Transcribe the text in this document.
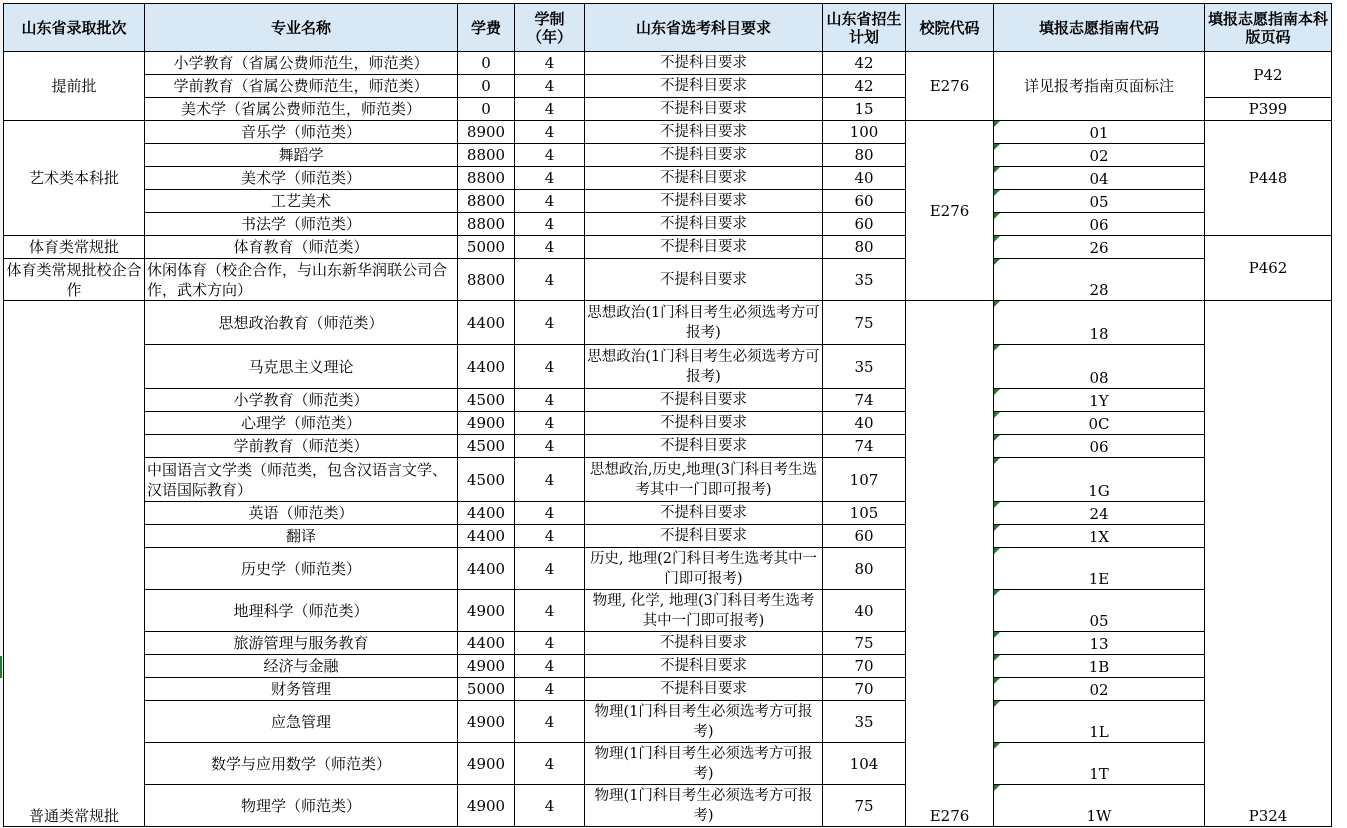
山东省录取批次	专业名称	学费	学制（年）	山东省选考科目要求	山东省招生计划	校院代码	填报志愿指南代码	填报志愿指南本科版页码
提前批	小学教育（省属公费师范生，师范类）	0	4	不提科目要求	42	E276	详见报考指南页面标注	P42
	学前教育（省属公费师范生，师范类）	0	4	不提科目要求	42			
	美术学（省属公费师范生，师范类）	0	4	不提科目要求	15			P399
艺术类本科批	音乐学（师范类）	8900	4	不提科目要求	100	E276	01	P448
	舞蹈学	8800	4	不提科目要求	80		02	
	美术学（师范类）	8800	4	不提科目要求	40		04	
	工艺美术	8800	4	不提科目要求	60		05	
	书法学（师范类）	8800	4	不提科目要求	60		06	
体育类常规批	体育教育（师范类）	5000	4	不提科目要求	80		26	P462
体育类常规批校企合作	休闲体育（校企合作，与山东新华润联公司合作，武术方向）	8800	4	不提科目要求	35		28	
普通类常规批	思想政治教育（师范类）	4400	4	思想政治(1门科目考生必须选考方可报考)	75	E276	18	P324
	马克思主义理论	4400	4	思想政治(1门科目考生必须选考方可报考)	35		08	
	小学教育（师范类）	4500	4	不提科目要求	74		1Y	
	心理学（师范类）	4900	4	不提科目要求	40		0C	
	学前教育（师范类）	4500	4	不提科目要求	74		06	
	中国语言文学类（师范类，包含汉语言文学、汉语国际教育）	4500	4	思想政治,历史,地理(3门科目考生选考其中一门即可报考)	107		1G	
	英语（师范类）	4400	4	不提科目要求	105		24	
	翻译	4400	4	不提科目要求	60		1X	
	历史学（师范类）	4400	4	历史, 地理(2门科目考生选考其中一门即可报考)	80		1E	
	地理科学（师范类）	4900	4	物理, 化学, 地理(3门科目考生选考其中一门即可报考)	40		05	
	旅游管理与服务教育	4400	4	不提科目要求	75		13	
	经济与金融	4900	4	不提科目要求	70		1B	
	财务管理	5000	4	不提科目要求	70		02	
	应急管理	4900	4	物理(1门科目考生必须选考方可报考)	35		1L	
	数学与应用数学（师范类）	4900	4	物理(1门科目考生必须选考方可报考)	104		1T	
	物理学（师范类）	4900	4	物理(1门科目考生必须选考方可报考)	75		1W	
